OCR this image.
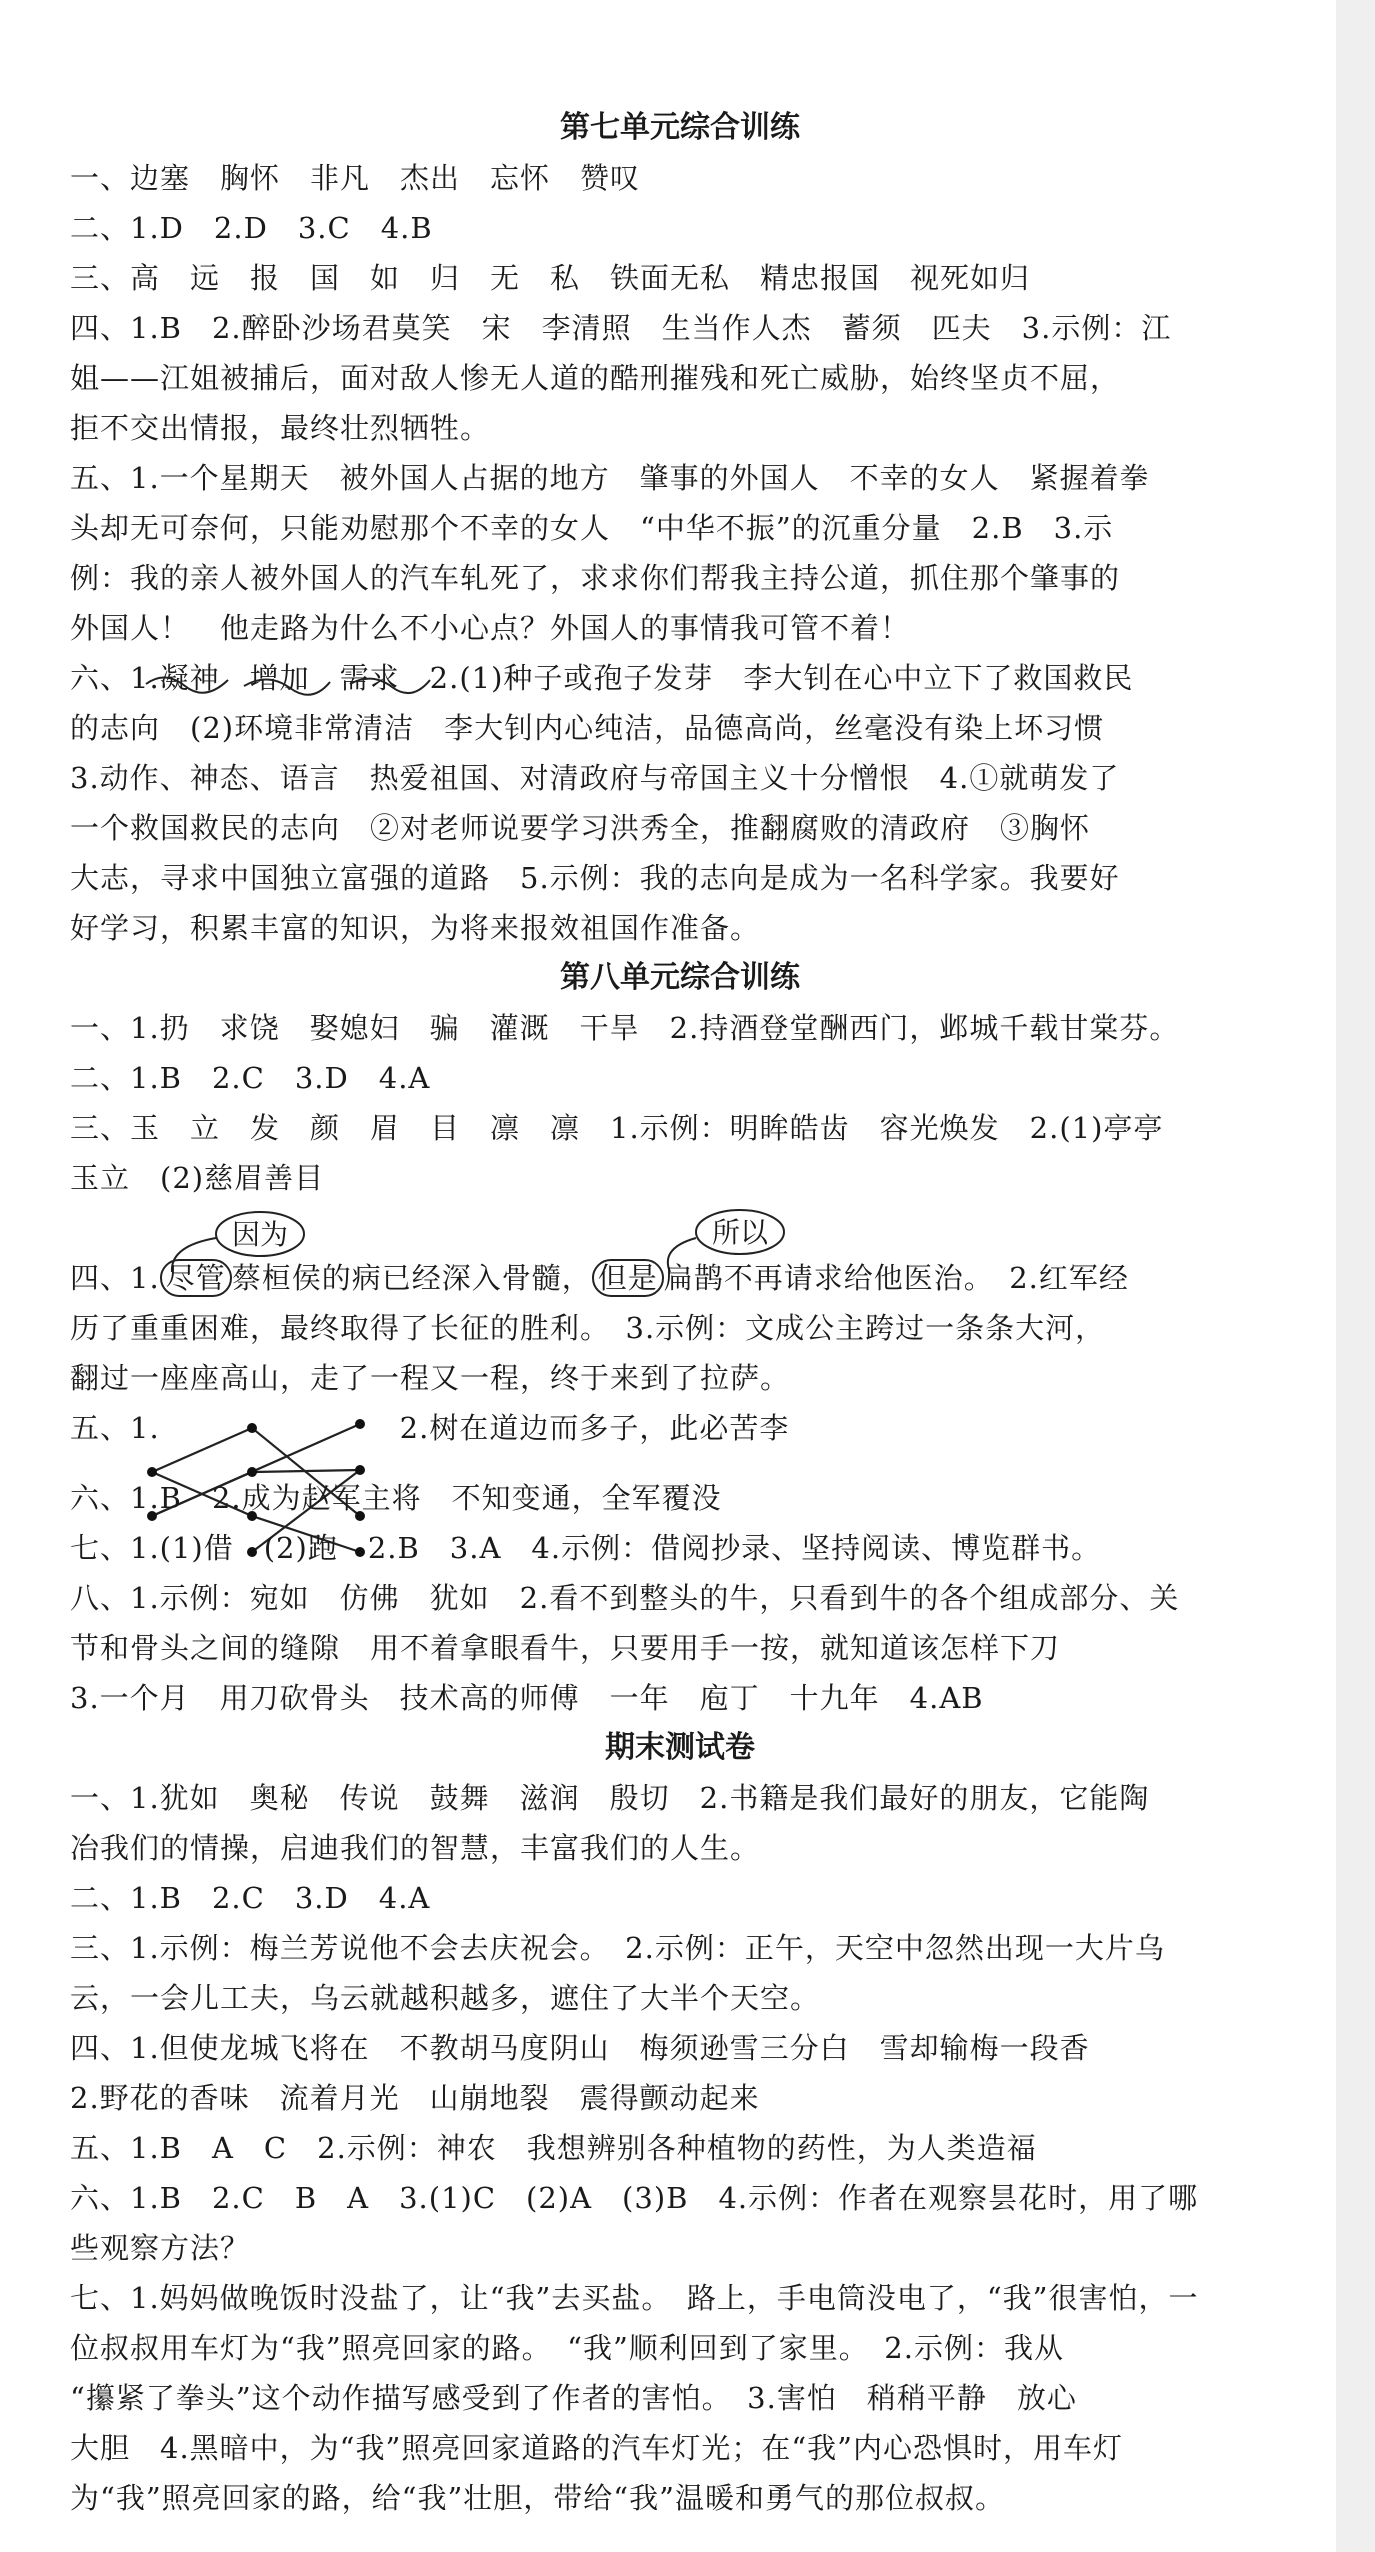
第七单元综合训练
一、边塞　胸怀　非凡　杰出　忘怀　赞叹
二、1.D　2.D　3.C　4.B
三、高　远　报　国　如　归　无　私　铁面无私　精忠报国　视死如归
四、1.B　2.醉卧沙场君莫笑　宋　李清照　生当作人杰　蓄须　匹夫　3.示例：江
姐——江姐被捕后，面对敌人惨无人道的酷刑摧残和死亡威胁，始终坚贞不屈，
拒不交出情报，最终壮烈牺牲。
五、1.一个星期天　被外国人占据的地方　肇事的外国人　不幸的女人　紧握着拳
头却无可奈何，只能劝慰那个不幸的女人　“中华不振”的沉重分量　2.B　3.示
例：我的亲人被外国人的汽车轧死了，求求你们帮我主持公道，抓住那个肇事的
外国人！　他走路为什么不小心点？外国人的事情我可管不着！
六、1.凝神　增加　需求　2.(1)种子或孢子发芽　李大钊在心中立下了救国救民
的志向　(2)环境非常清洁　李大钊内心纯洁，品德高尚，丝毫没有染上坏习惯
3.动作、神态、语言　热爱祖国、对清政府与帝国主义十分憎恨　4.①就萌发了
一个救国救民的志向　②对老师说要学习洪秀全，推翻腐败的清政府　③胸怀
大志，寻求中国独立富强的道路　5.示例：我的志向是成为一名科学家。我要好
好学习，积累丰富的知识，为将来报效祖国作准备。
第八单元综合训练
一、1.扔　求饶　娶媳妇　骗　灌溉　干旱　2.持酒登堂酬西门，邺城千载甘棠芬。
二、1.B　2.C　3.D　4.A
三、玉　立　发　颜　眉　目　凛　凛　1.示例：明眸皓齿　容光焕发　2.(1)亭亭
玉立　(2)慈眉善目
因为	所以
四、1. 尽管 蔡桓侯的病已经深入骨髓， 但是 扁鹊不再请求给他医治。　2.红军经
历了重重困难，最终取得了长征的胜利。　3.示例：文成公主跨过一条条大河，
翻过一座座高山，走了一程又一程，终于来到了拉萨。
五、1.	2.树在道边而多子，此必苦李
六、1.B　2.成为赵军主将　不知变通，全军覆没
七、1.(1)借　(2)跑　2.B　3.A　4.示例：借阅抄录、坚持阅读、博览群书。
八、1.示例：宛如　仿佛　犹如　2.看不到整头的牛，只看到牛的各个组成部分、关
节和骨头之间的缝隙　用不着拿眼看牛，只要用手一按，就知道该怎样下刀
3.一个月　用刀砍骨头　技术高的师傅　一年　庖丁　十九年　4.AB
期末测试卷
一、1.犹如　奥秘　传说　鼓舞　滋润　殷切　2.书籍是我们最好的朋友，它能陶
冶我们的情操，启迪我们的智慧，丰富我们的人生。
二、1.B　2.C　3.D　4.A
三、1.示例：梅兰芳说他不会去庆祝会。　2.示例：正午，天空中忽然出现一大片乌
云，一会儿工夫，乌云就越积越多，遮住了大半个天空。
四、1.但使龙城飞将在　不教胡马度阴山　梅须逊雪三分白　雪却输梅一段香
2.野花的香味　流着月光　山崩地裂　震得颤动起来
五、1.B　A　C　2.示例：神农　我想辨别各种植物的药性，为人类造福
六、1.B　2.C　B　A　3.(1)C　(2)A　(3)B　4.示例：作者在观察昙花时，用了哪
些观察方法？
七、1.妈妈做晚饭时没盐了，让“我”去买盐。　路上，手电筒没电了，“我”很害怕，一
位叔叔用车灯为“我”照亮回家的路。　“我”顺利回到了家里。　2.示例：我从
“攥紧了拳头”这个动作描写感受到了作者的害怕。　3.害怕　稍稍平静　放心
大胆　4.黑暗中，为“我”照亮回家道路的汽车灯光；在“我”内心恐惧时，用车灯
为“我”照亮回家的路，给“我”壮胆，带给“我”温暖和勇气的那位叔叔。
